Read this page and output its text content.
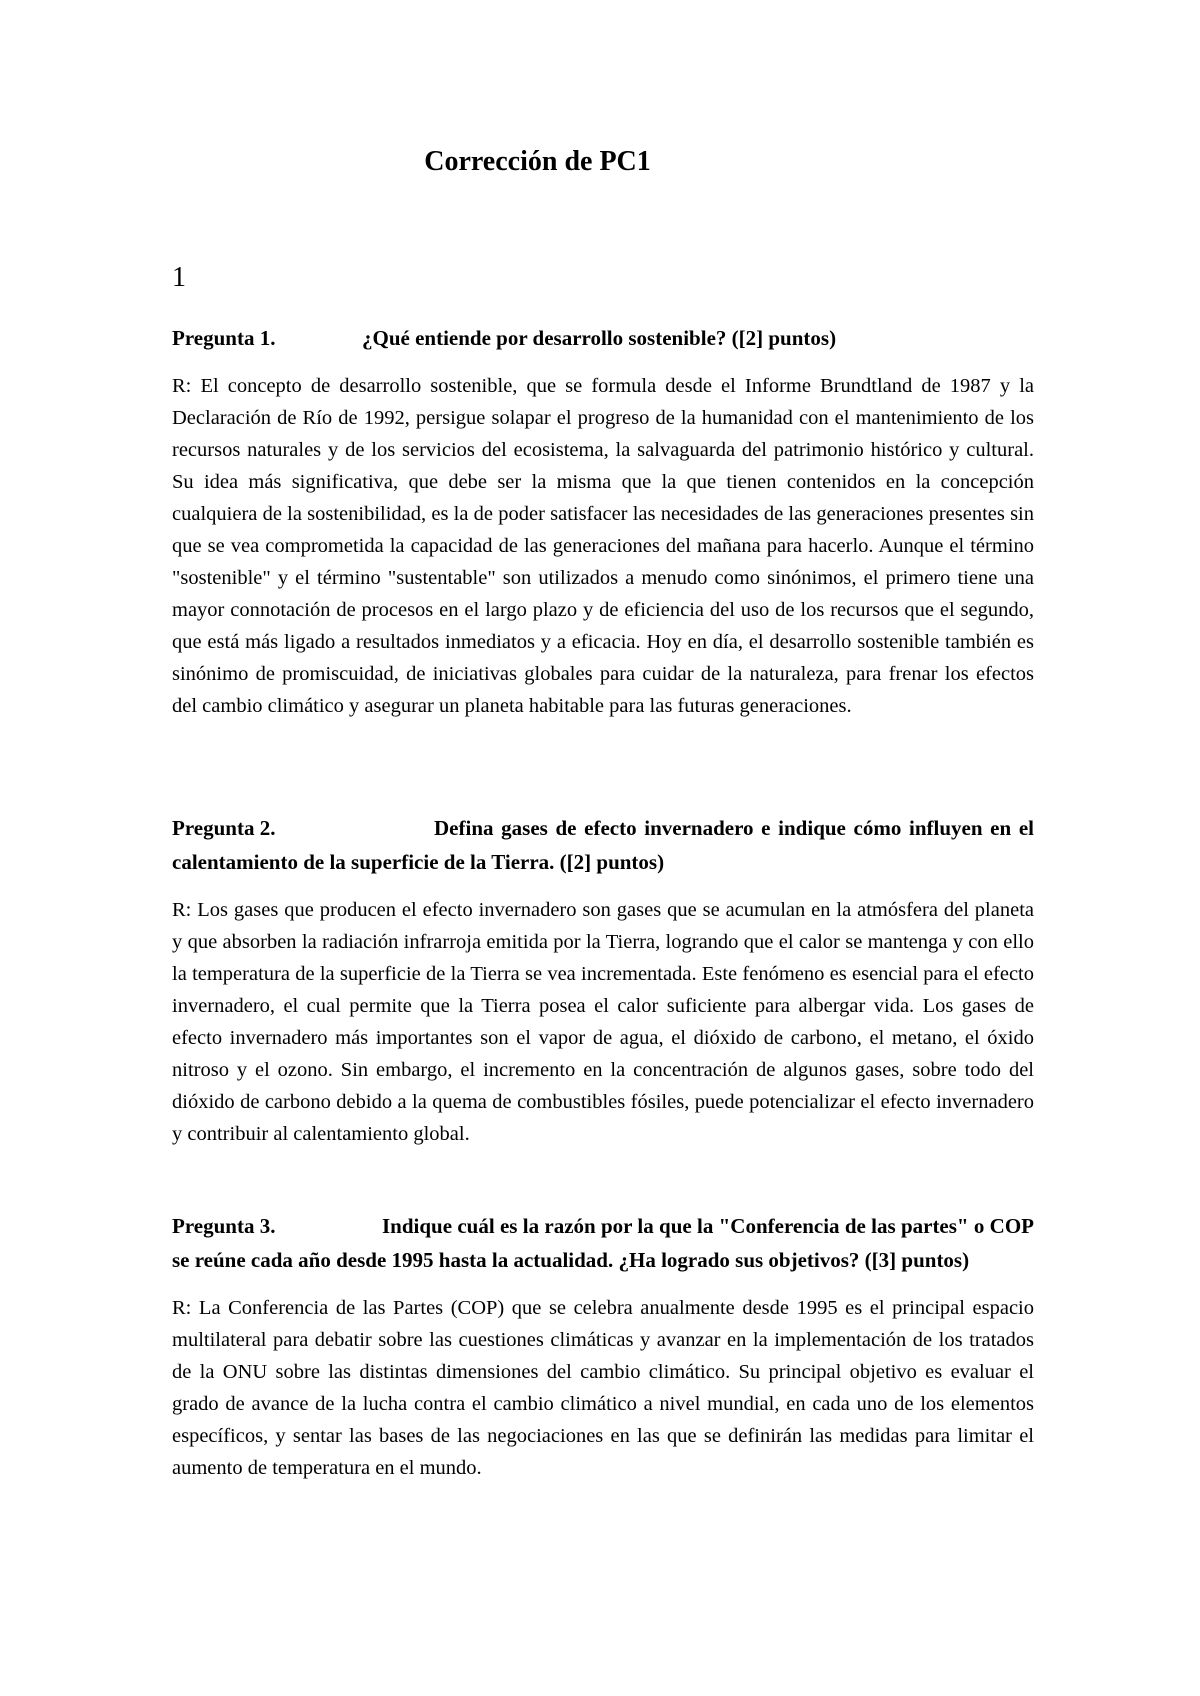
Corrección de PC1
1

Pregunta 1.	¿Qué entiende por desarrollo sostenible? ([2] puntos)

R: El concepto de desarrollo sostenible, que se formula desde el Informe Brundtland de 1987 y la Declaración de Río de 1992, persigue solapar el progreso de la humanidad con el mantenimiento de los recursos naturales y de los servicios del ecosistema, la salvaguarda del patrimonio histórico y cultural. Su idea más significativa, que debe ser la misma que la que tienen contenidos en la concepción cualquiera de la sostenibilidad, es la de poder satisfacer las necesidades de las generaciones presentes sin que se vea comprometida la capacidad de las generaciones del mañana para hacerlo. Aunque el término "sostenible" y el término "sustentable" son utilizados a menudo como sinónimos, el primero tiene una mayor connotación de procesos en el largo plazo y de eficiencia del uso de los recursos que el segundo, que está más ligado a resultados inmediatos y a eficacia. Hoy en día, el desarrollo sostenible también es sinónimo de promiscuidad, de iniciativas globales para cuidar de la naturaleza, para frenar los efectos del cambio climático y asegurar un planeta habitable para las futuras generaciones.

Pregunta 2.	Defina gases de efecto invernadero e indique cómo influyen en el calentamiento de la superficie de la Tierra. ([2] puntos)

R: Los gases que producen el efecto invernadero son gases que se acumulan en la atmósfera del planeta y que absorben la radiación infrarroja emitida por la Tierra, logrando que el calor se mantenga y con ello la temperatura de la superficie de la Tierra se vea incrementada. Este fenómeno es esencial para el efecto invernadero, el cual permite que la Tierra posea el calor suficiente para albergar vida. Los gases de efecto invernadero más importantes son el vapor de agua, el dióxido de carbono, el metano, el óxido nitroso y el ozono. Sin embargo, el incremento en la concentración de algunos gases, sobre todo del dióxido de carbono debido a la quema de combustibles fósiles, puede potencializar el efecto invernadero y contribuir al calentamiento global.

Pregunta 3.	Indique cuál es la razón por la que la "Conferencia de las partes" o COP se reúne cada año desde 1995 hasta la actualidad. ¿Ha logrado sus objetivos? ([3] puntos)

R: La Conferencia de las Partes (COP) que se celebra anualmente desde 1995 es el principal espacio multilateral para debatir sobre las cuestiones climáticas y avanzar en la implementación de los tratados de la ONU sobre las distintas dimensiones del cambio climático. Su principal objetivo es evaluar el grado de avance de la lucha contra el cambio climático a nivel mundial, en cada uno de los elementos específicos, y sentar las bases de las negociaciones en las que se definirán las medidas para limitar el aumento de temperatura en el mundo.
